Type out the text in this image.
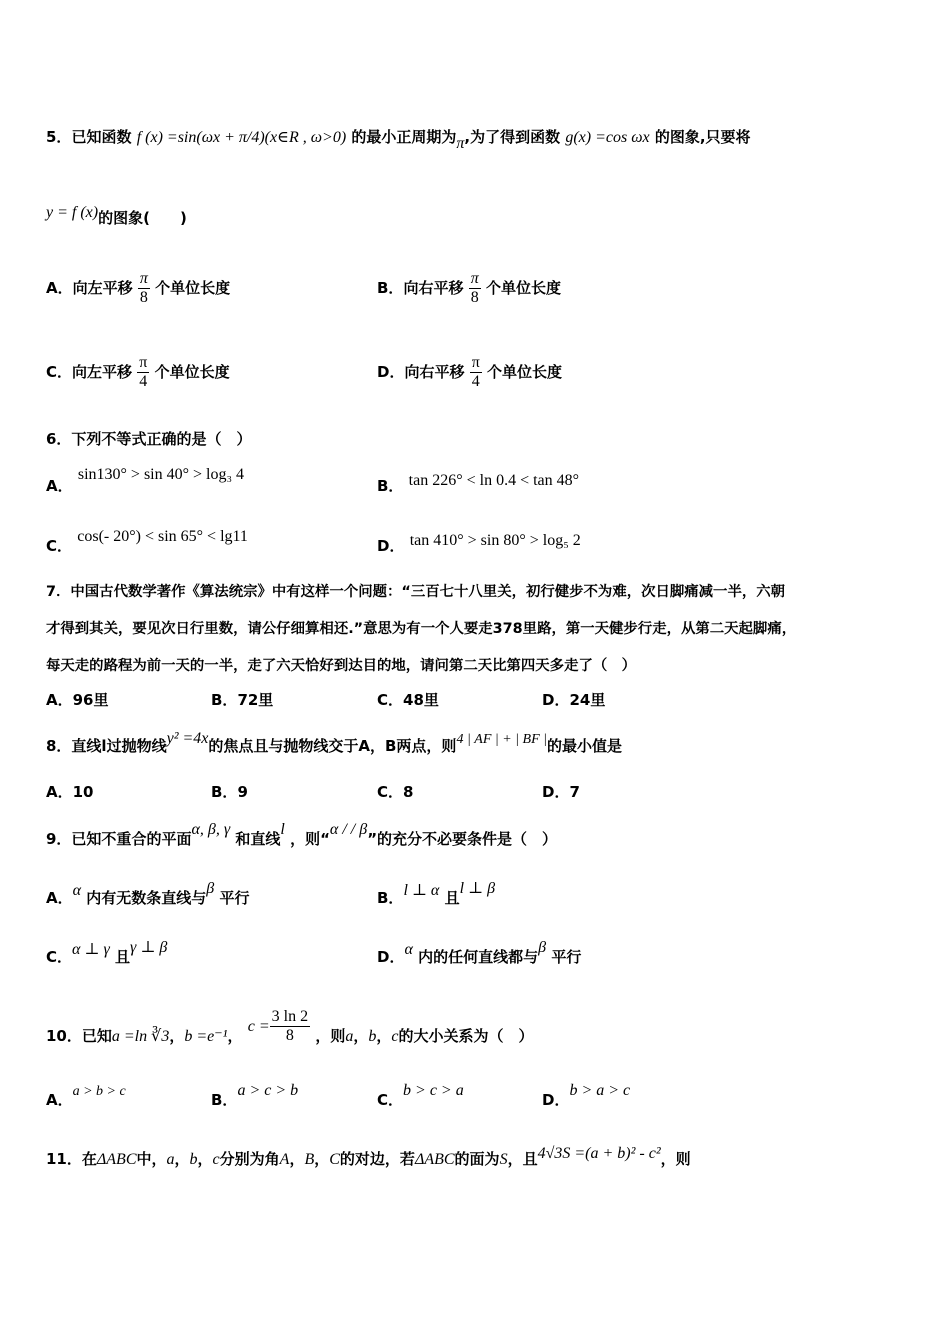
5．已知函数 f (x) =sin(ωx + π/4)(x∈R , ω>0) 的最小正周期为π,为了得到函数 g(x) =cos ωx 的图象,只要将
y = f (x)的图象(　　)
A．向左平移 $\frac{\pi}{8}$ 个单位长度	B．向右平移 $\frac{\pi}{8}$ 个单位长度
C．向左平移 $\frac{\pi}{4}$ 个单位长度	D．向右平移 $\frac{\pi}{4}$ 个单位长度
6．下列不等式正确的是（　）
A． sin130° > sin 40° > log₃ 4
B． tan 226° < ln 0.4 < tan 48°
C． cos(- 20°) < sin 65° < lg11
D． tan 410° > sin 80° > log₅ 2
7．中国古代数学著作《算法统宗》中有这样一个问题：“三百七十八里关，初行健步不为难，次日脚痛减一半，六朝
才得到其关，要见次日行里数，请公仔细算相还.”意思为有一个人要走378里路，第一天健步行走，从第二天起脚痛，
每天走的路程为前一天的一半，走了六天恰好到达目的地，请问第二天比第四天多走了（　）
A．96里	B．72里	C．48里	D．24里
8．直线l过抛物线y² =4x的焦点且与抛物线交于A，B两点，则4 | AF | + | BF |的最小值是
A．10	B．9	C．8	D．7
9．已知不重合的平面α, β, γ 和直线l ，则“α / / β”的充分不必要条件是（　）
A．α 内有无数条直线与β 平行	B．l ⊥ α 且l ⊥ β
C．α ⊥ γ 且γ ⊥ β
D．α 内的任何直线都与β 平行
10．已知a =ln ∛3，b =e⁻¹， $c = \frac{3 \ln 2}{8}$ ，则a，b，c的大小关系为（　）
A．a > b > c	B．a > c > b
C．b > c > a
D．b > a > c
11．在ΔABC中，a，b，c分别为角A，B，C的对边，若ΔABC的面为S，且4√3S =(a + b)² - c²，则
